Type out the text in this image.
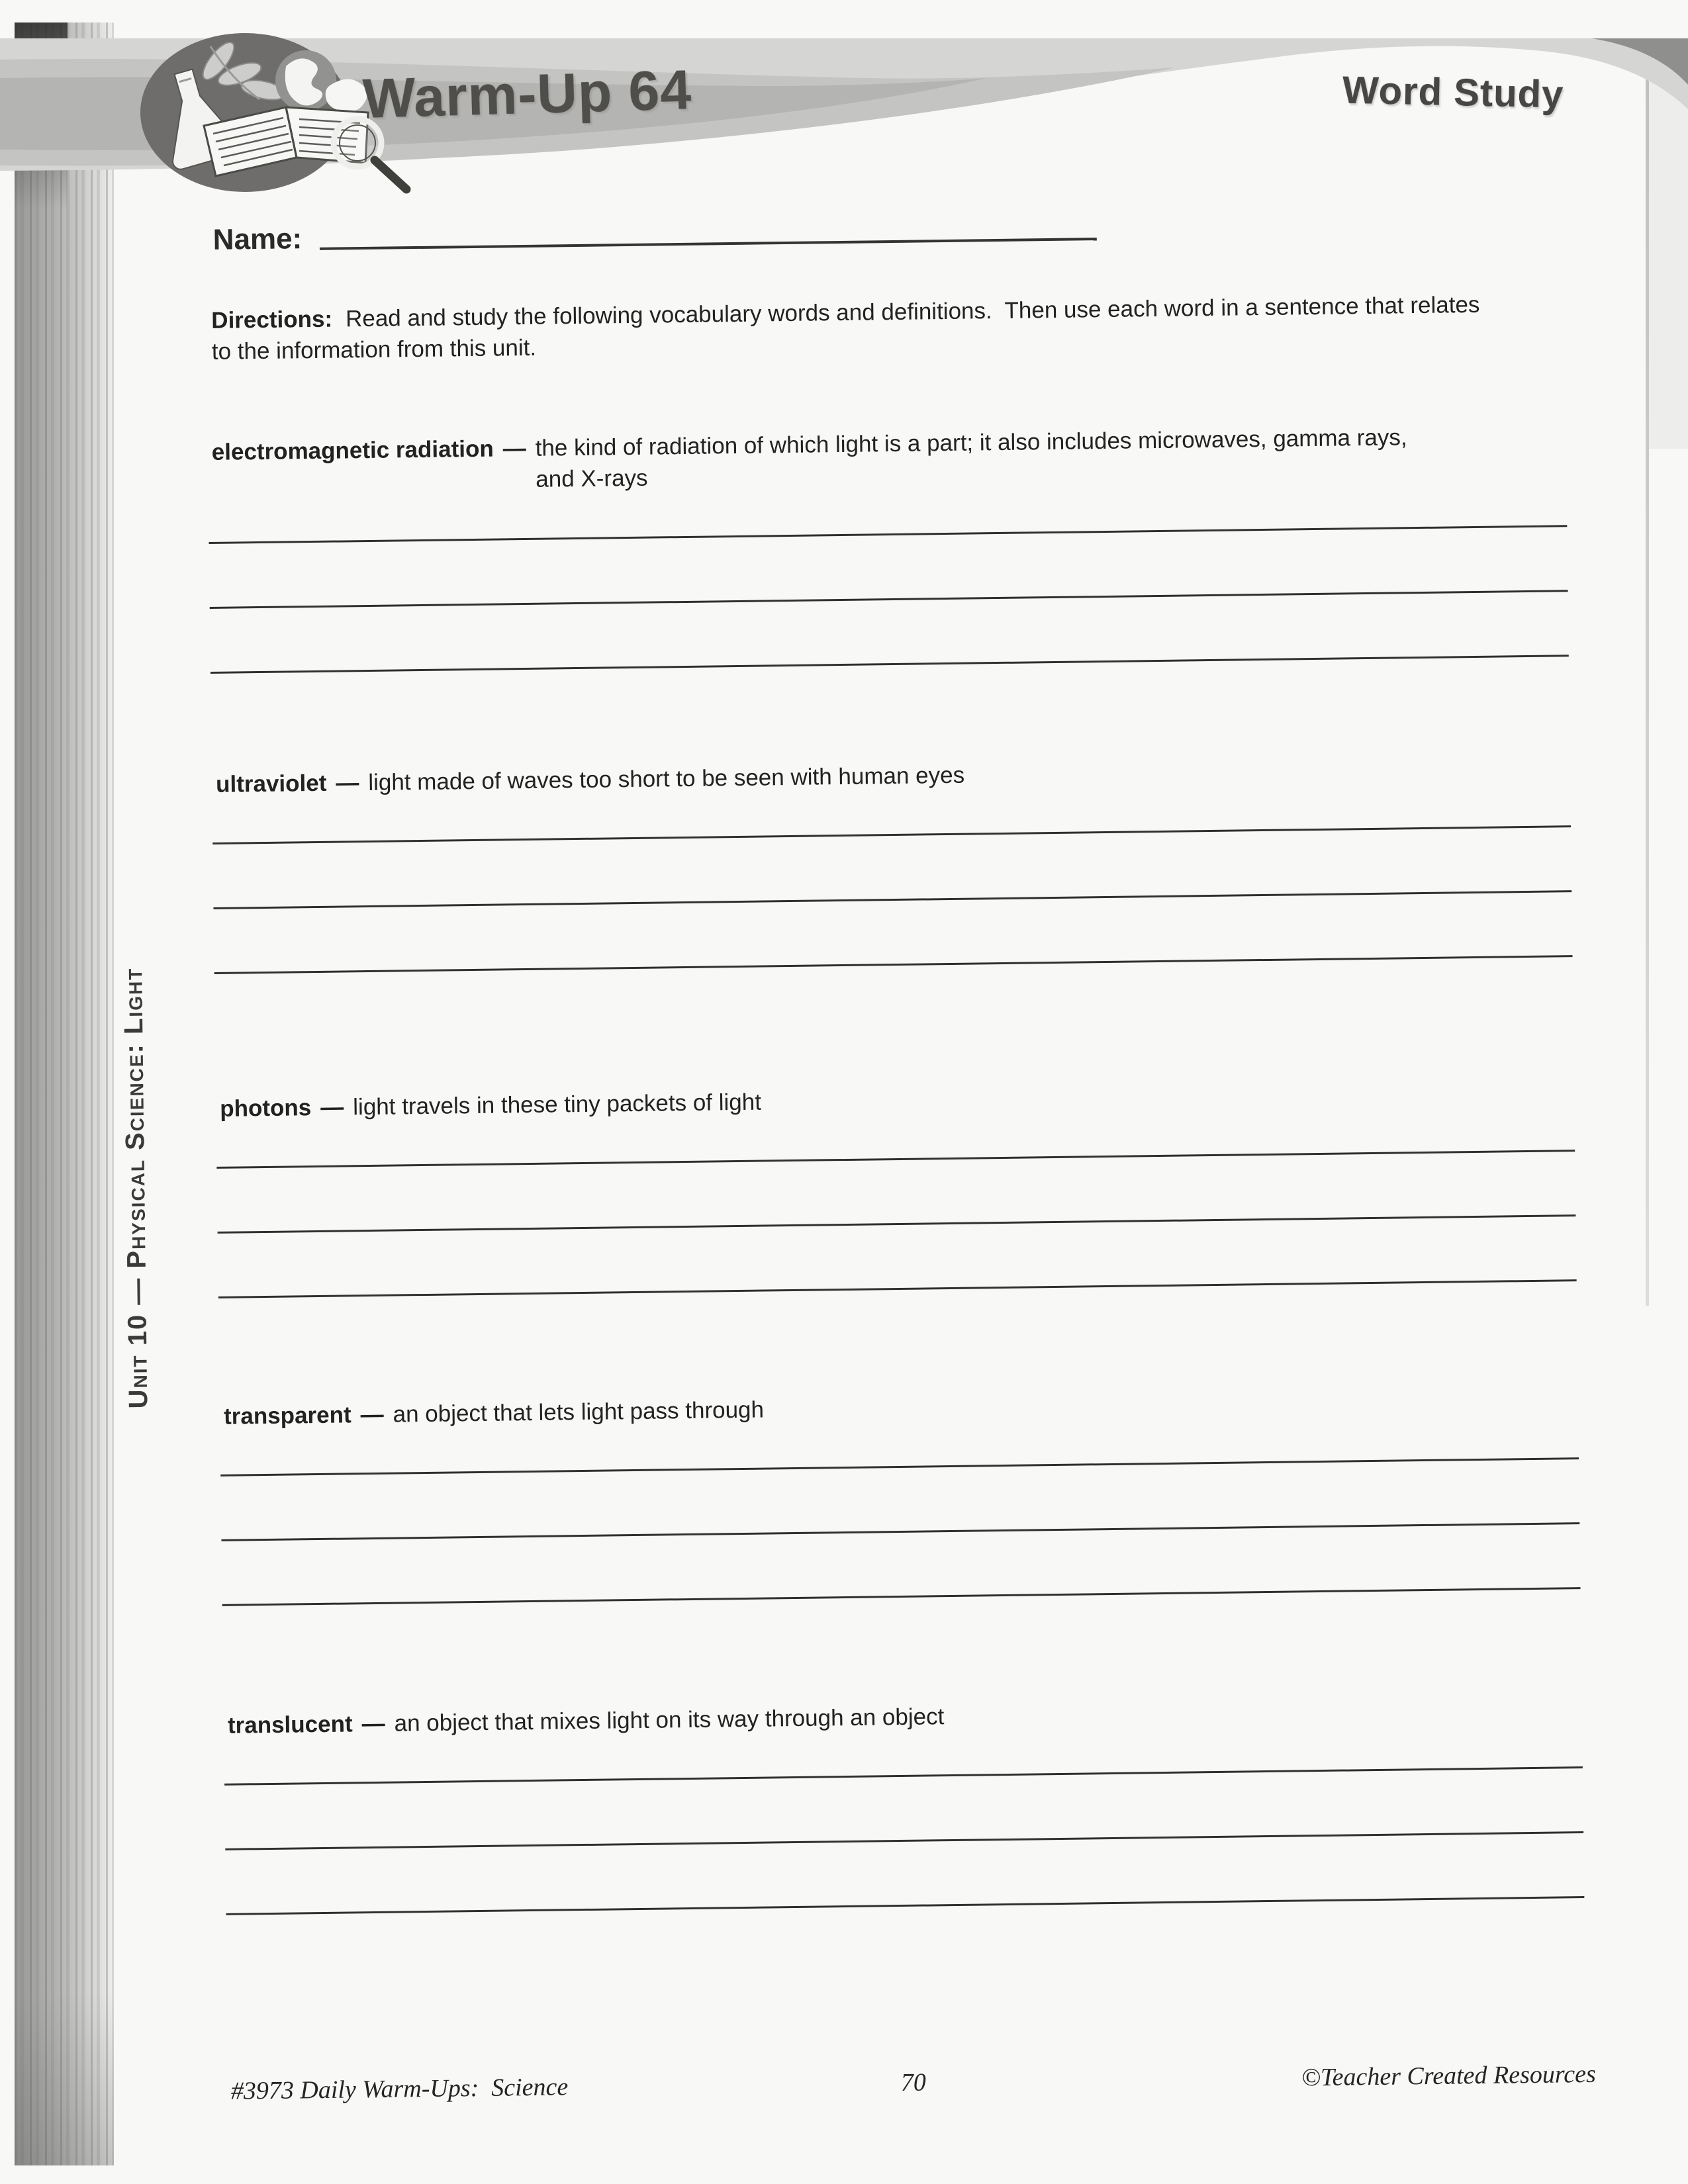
Warm-Up 64	Word Study
Name:
Directions: Read and study the following vocabulary words and definitions.  Then use each word in a sentence that relates to the information from this unit.
electromagnetic radiation — the kind of radiation of which light is a part; it also includes microwaves, gamma rays,
and X-rays
ultraviolet — light made of waves too short to be seen with human eyes
photons — light travels in these tiny packets of light
transparent — an object that lets light pass through
translucent — an object that mixes light on its way through an object
Unit 10 — Physical Science: Light
#3973 Daily Warm-Ups:  Science	70	©Teacher Created Resources
